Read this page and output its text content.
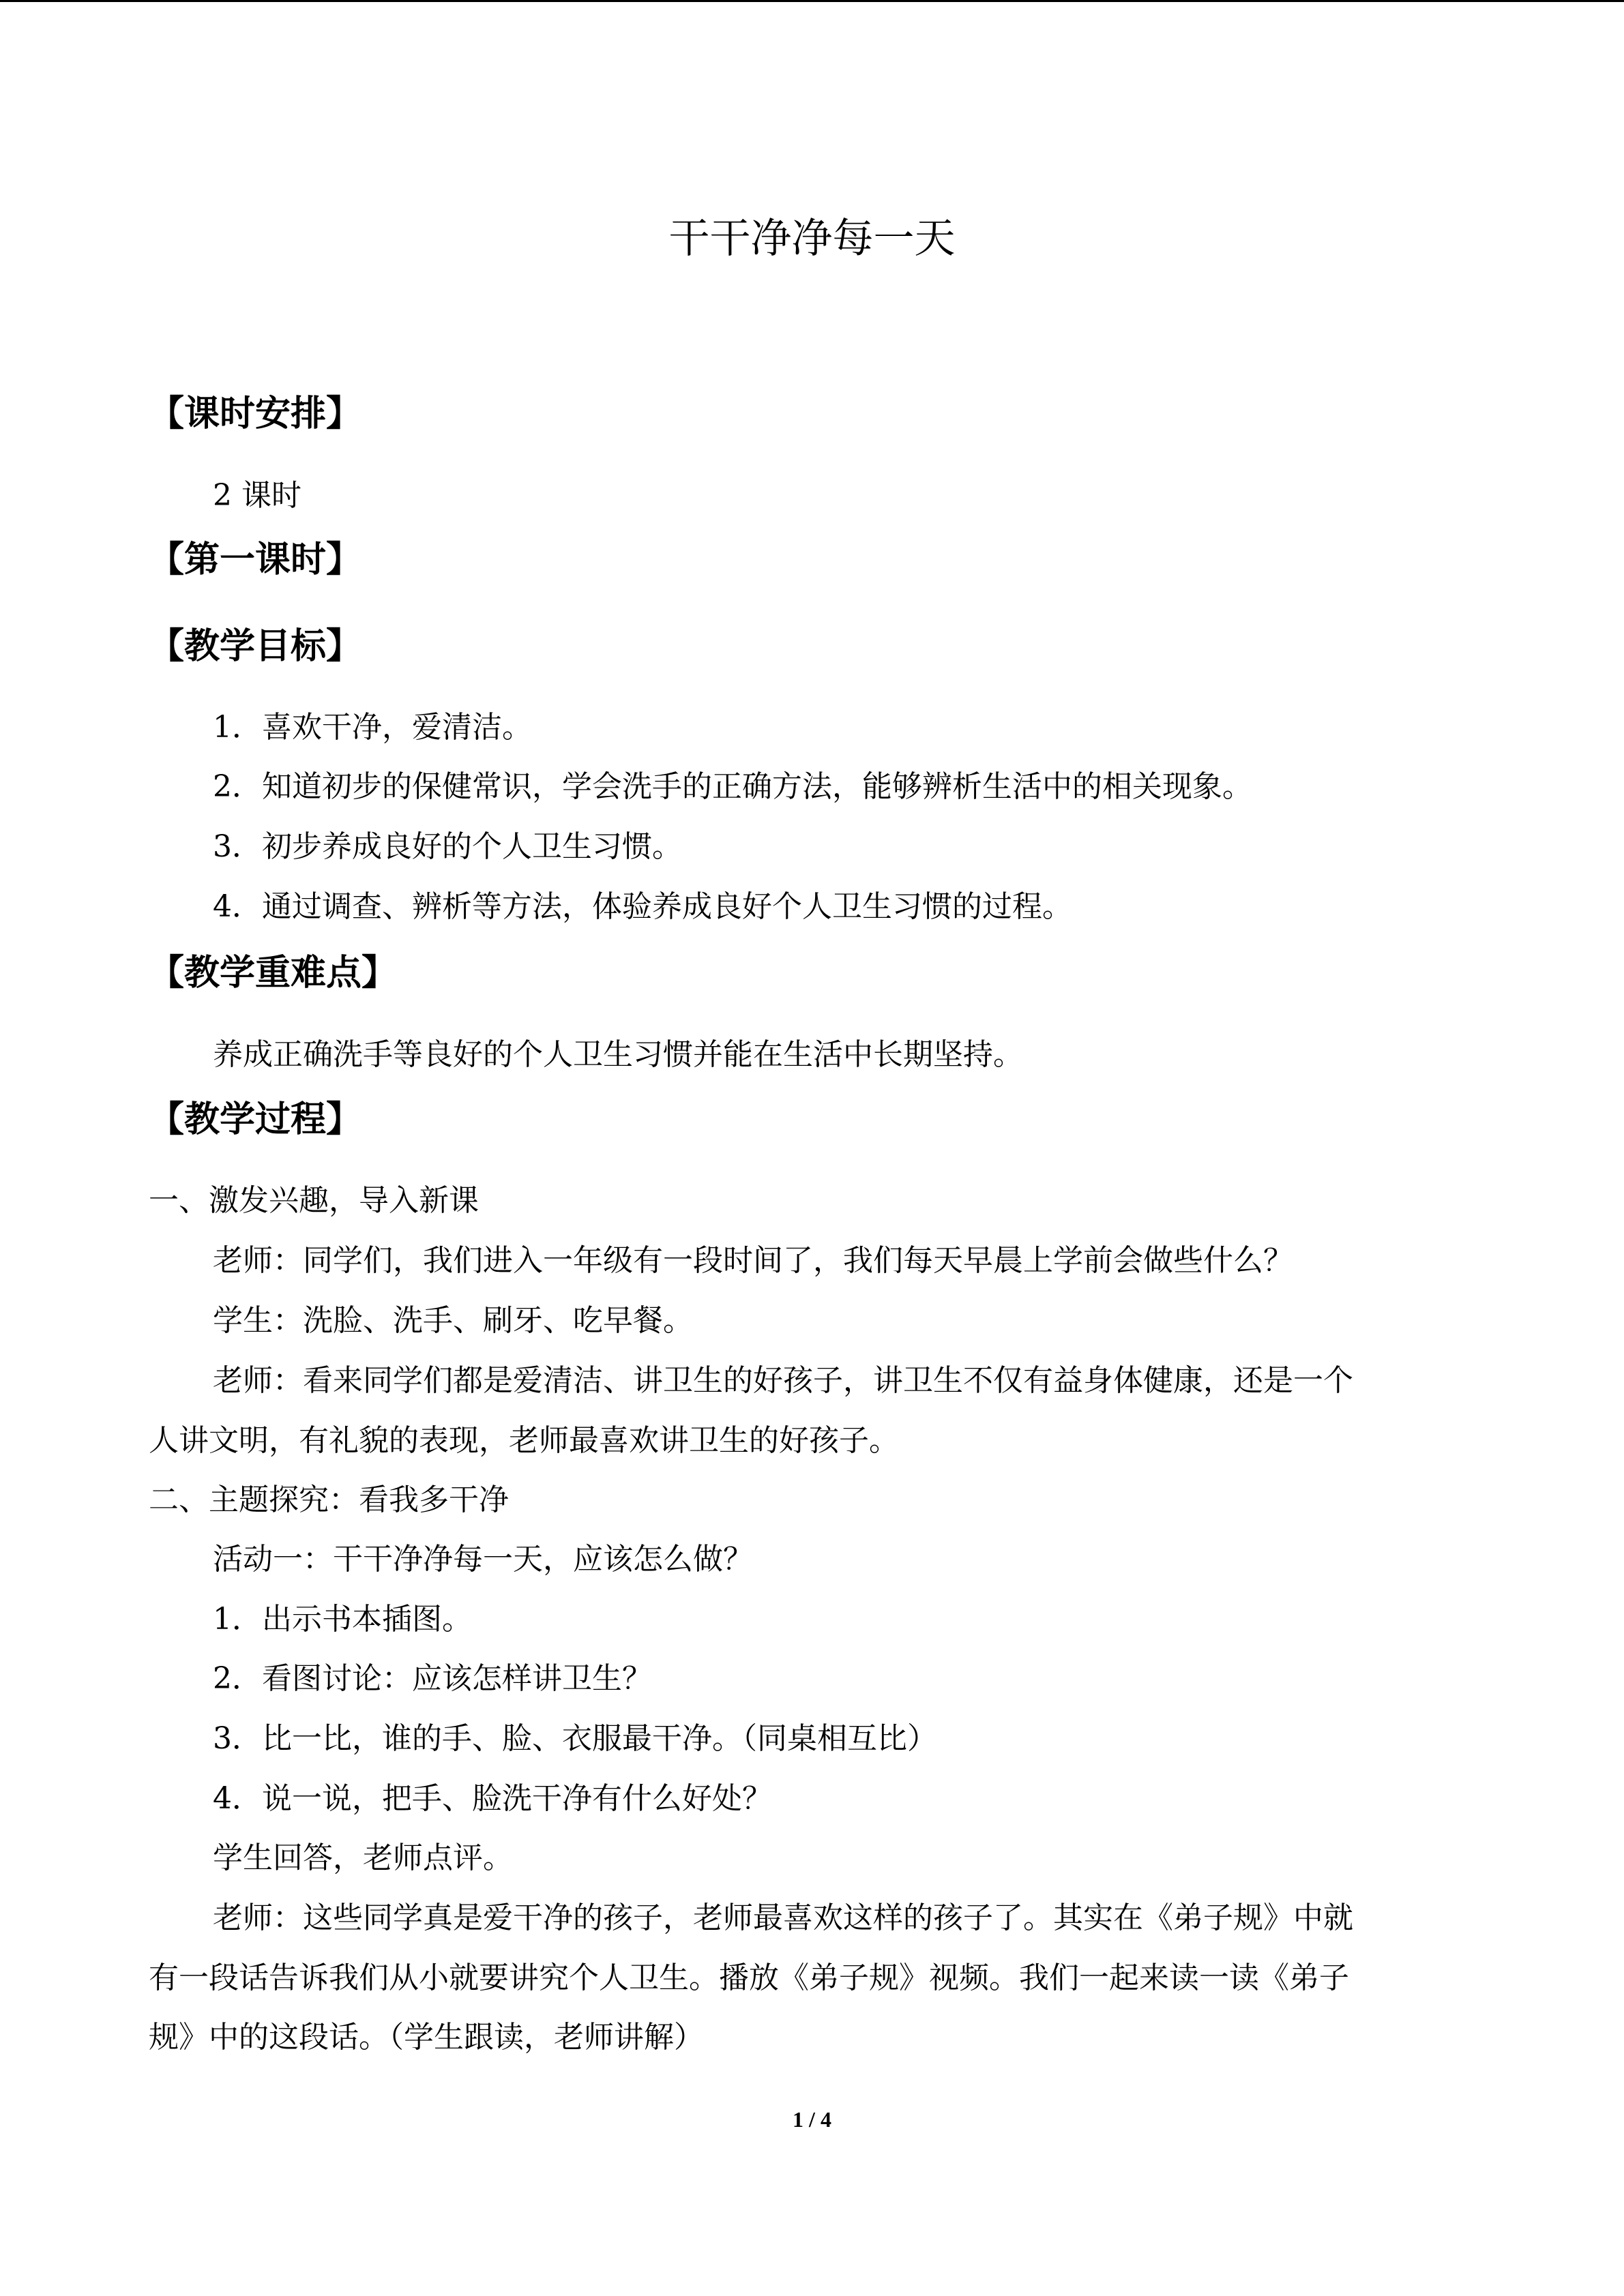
干干净净每一天
【课时安排】
2 课时
【第一课时】
【教学目标】
1．喜欢干净，爱清洁。
2．知道初步的保健常识，学会洗手的正确方法，能够辨析生活中的相关现象。
3．初步养成良好的个人卫生习惯。
4．通过调查、辨析等方法，体验养成良好个人卫生习惯的过程。
【教学重难点】
养成正确洗手等良好的个人卫生习惯并能在生活中长期坚持。
【教学过程】
一、激发兴趣，导入新课
老师：同学们，我们进入一年级有一段时间了，我们每天早晨上学前会做些什么？
学生：洗脸、洗手、刷牙、吃早餐。
老师：看来同学们都是爱清洁、讲卫生的好孩子，讲卫生不仅有益身体健康，还是一个
人讲文明，有礼貌的表现，老师最喜欢讲卫生的好孩子。
二、主题探究：看我多干净
活动一：干干净净每一天，应该怎么做？
1．出示书本插图。
2．看图讨论：应该怎样讲卫生？
3．比一比，谁的手、脸、衣服最干净。（同桌相互比）
4．说一说，把手、脸洗干净有什么好处？
学生回答，老师点评。
老师：这些同学真是爱干净的孩子，老师最喜欢这样的孩子了。其实在《弟子规》中就
有一段话告诉我们从小就要讲究个人卫生。播放《弟子规》视频。我们一起来读一读《弟子
规》中的这段话。（学生跟读，老师讲解）
1 / 4
